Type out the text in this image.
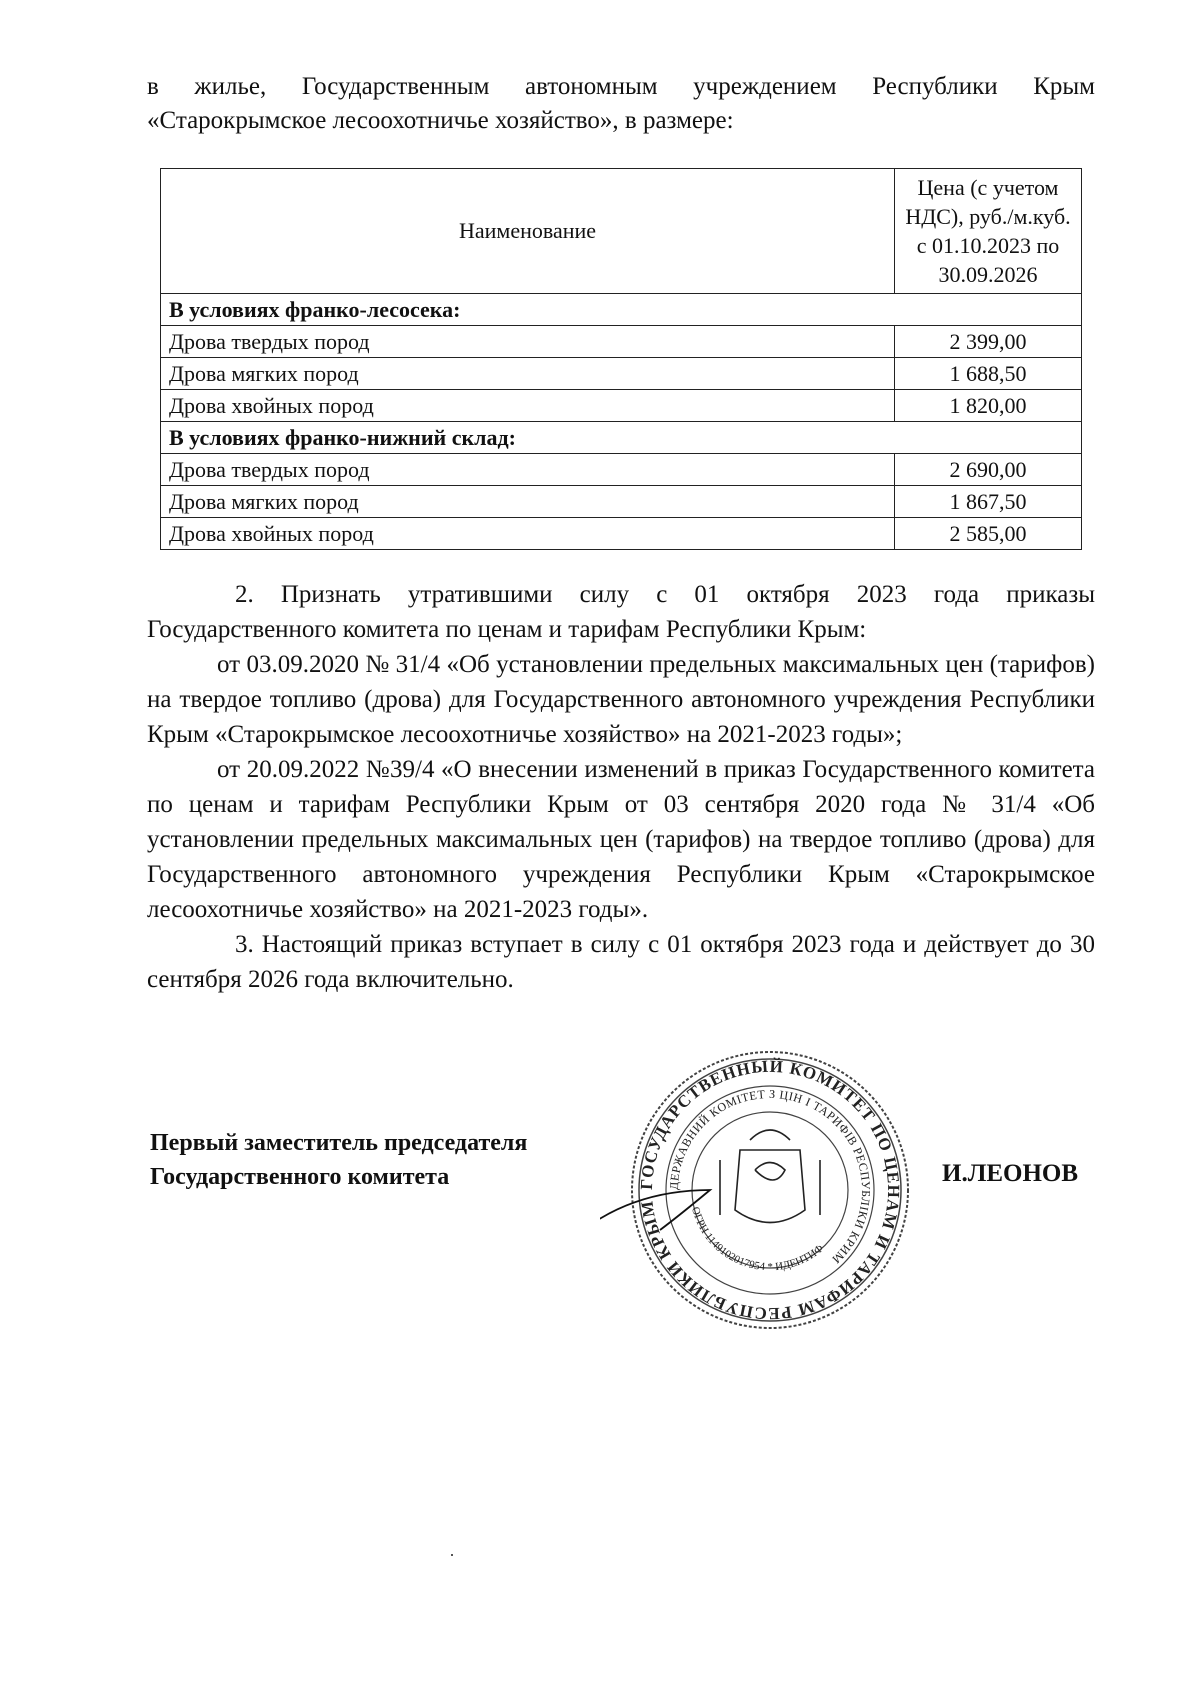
в жилье, Государственным автономным учреждением Республики Крым
«Старокрымское лесоохотничье хозяйство», в размере:
Наименование	Цена (с учетом
НДС), руб./м.куб.
с 01.10.2023 по
30.09.2026
В условиях франко-лесосека:	
Дрова твердых пород	2 399,00
Дрова мягких пород	1 688,50
Дрова хвойных пород	1 820,00
В условиях франко-нижний склад:	
Дрова твердых пород	2 690,00
Дрова мягких пород	1 867,50
Дрова хвойных пород	2 585,00

2. Признать утратившими силу с 01 октября 2023 года приказы Государственного комитета по ценам и тарифам Республики Крым:

от 03.09.2020 № 31/4 «Об установлении предельных максимальных цен (тарифов) на твердое топливо (дрова) для Государственного автономного учреждения Республики Крым «Старокрымское лесоохотничье хозяйство» на 2021-2023 годы»;

от 20.09.2022 №39/4 «О внесении изменений в приказ Государственного комитета по ценам и тарифам Республики Крым от 03 сентября 2020 года № 31/4 «Об установлении предельных максимальных цен (тарифов) на твердое топливо (дрова) для Государственного автономного учреждения Республики Крым «Старокрымское лесоохотничье хозяйство» на 2021-2023 годы».

3. Настоящий приказ вступает в силу с 01 октября 2023 года и действует до 30 сентября 2026 года включительно.

Первый заместитель председателя
Государственного комитета	ГОСУДАРСТВЕННЫЙ КОМИТЕТ ПО ЦЕНАМ И ТАРИФАМ РЕСПУБЛИКИ КРЫМ
ДЕРЖАВНИЙ КОМІТЕТ З ЦІН І ТАРИФІВ РЕСПУБЛІКИ КРИМ
ОГРН 1149102017954 * ИДЕНТИФ
И.ЛЕОНОВ
